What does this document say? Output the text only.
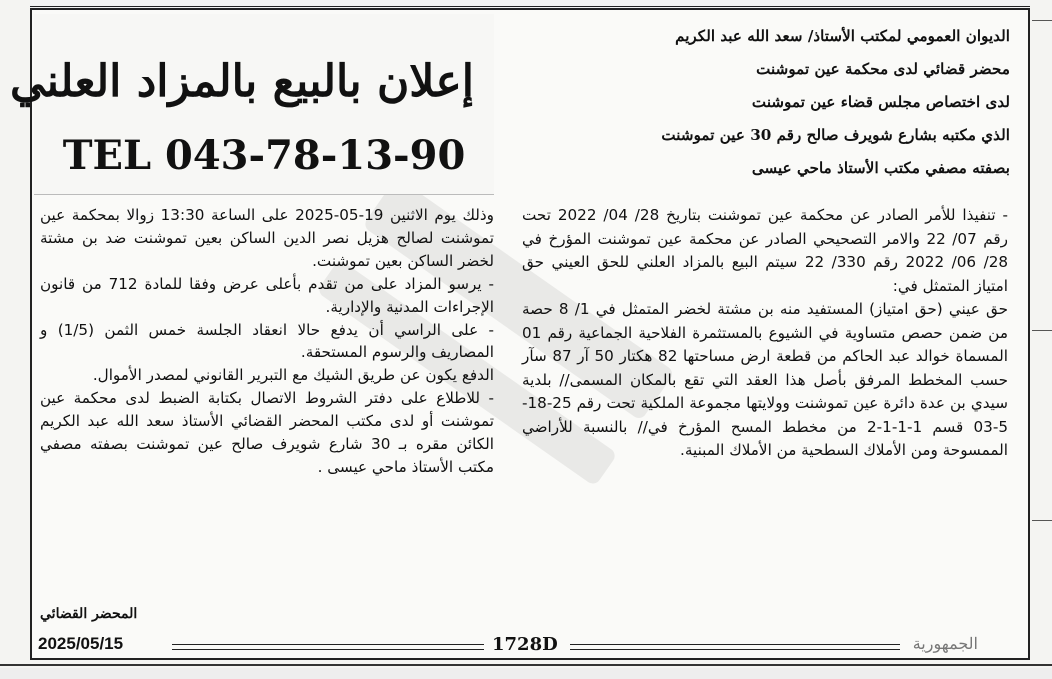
إعلان بالبيع بالمزاد العلني
TEL 043-78-13-90

وذلك يوم الاثنين 19-05-2025 على الساعة 13:30 زوالا بمحكمة عين تموشنت لصالح هزيل نصر الدين الساكن بعين تموشنت ضد بن مشتة لخضر الساكن بعين تموشنت.

- يرسو المزاد على من تقدم بأعلى عرض وفقا للمادة 712 من قانون الإجراءات المدنية والإدارية.

- على الراسي أن يدفع حالا انعقاد الجلسة خمس الثمن (1/5) و المصاريف والرسوم المستحقة.

الدفع يكون عن طريق الشيك مع التبرير القانوني لمصدر الأموال.

- للاطلاع على دفتر الشروط الاتصال بكتابة الضبط لدى محكمة عين تموشنت أو لدى مكتب المحضر القضائي الأستاذ سعد الله عبد الكريم الكائن مقره بـ 30 شارع شويرف صالح عين تموشنت بصفته مصفي مكتب الأستاذ ماحي عيسى .

المحضر القضائي
الديوان العمومي لمكتب الأستاذ/ سعد الله عبد الكريم
محضر قضائي لدى محكمة عين تموشنت
لدى اختصاص مجلس قضاء عين تموشنت
الذي مكتبه بشارع شويرف صالح رقم 30 عين تموشنت
بصفته مصفي مكتب الأستاذ ماحي عيسى

- تنفيذا للأمر الصادر عن محكمة عين تموشنت بتاريخ 28/ 04/ 2022 تحت رقم 07/ 22 والامر التصحيحي الصادر عن محكمة عين تموشنت المؤرخ في 28/ 06/ 2022 رقم 330/ 22 سيتم البيع بالمزاد العلني للحق العيني حق امتياز المتمثل في:

حق عيني (حق امتياز) المستفيد منه بن مشتة لخضر المتمثل في 1/ 8 حصة من ضمن حصص متساوية في الشيوع بالمستثمرة الفلاحية الجماعية رقم 01 المسماة خوالد عبد الحاكم من قطعة ارض مساحتها 82 هكتار 50 آر 87 سآر حسب المخطط المرفق بأصل هذا العقد التي تقع بالمكان المسمى// بلدية سيدي بن عدة دائرة عين تموشنت وولايتها مجموعة الملكية تحت رقم 25-18-5-03 قسم 1-1-1-2 من مخطط المسح المؤرخ في// بالنسبة للأراضي الممسوحة ومن الأملاك السطحية من الأملاك المبنية.

2025/05/15	1728D	الجمهورية
